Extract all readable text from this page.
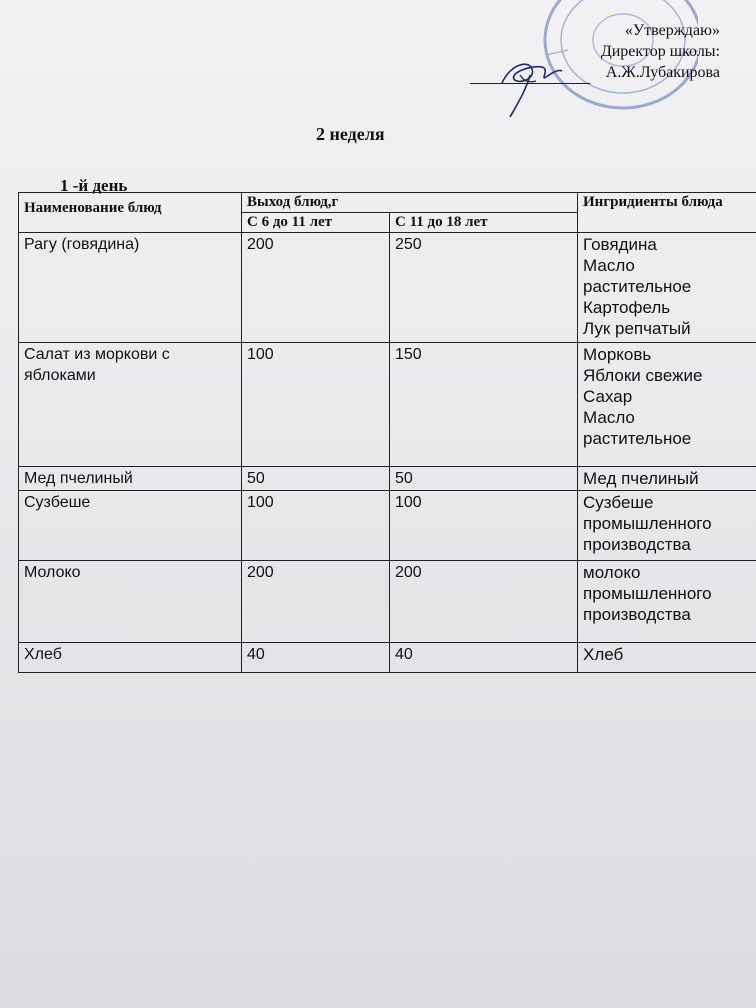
«Утверждаю»
Директор школы:
А.Ж.Лубакирова
2 неделя
1 -й день
Наименование блюд	Выход блюд,г		Ингридиенты блюда
	С 6 до 11 лет	С 11 до 18 лет	
Рагу (говядина)	200	250	Говядина
Масло
растительное
Картофель
Лук репчатый

Салат из моркови с яблоками	100	150	Морковь
Яблоки свежие
Сахар
Масло
растительное

Мед пчелиный	50	50	Мед пчелиный

Сузбеше	100	100	Сузбеше
промышленного
производства

Молоко	200	200	молоко
промышленного
производства

Хлеб	40	40	Хлеб
